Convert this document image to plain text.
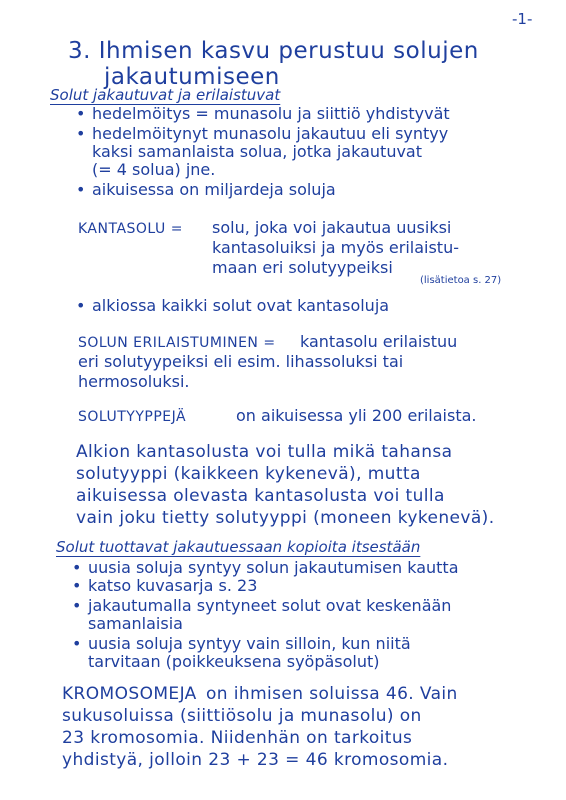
-1-
3. Ihmisen kasvu perustuu solujen
jakautumiseen
Solut jakautuvat ja erilaistuvat
• hedelmöitys = munasolu ja siittiö yhdistyvät
• hedelmöitynyt munasolu jakautuu eli syntyy
kaksi samanlaista solua, jotka jakautuvat
(= 4 solua) jne.
• aikuisessa on miljardeja soluja
KANTASOLU = solu, joka voi jakautua uusiksi
kantasoluiksi ja myös erilaistu-
maan eri solutyypeiksi
(lisätietoa s. 27)
• alkiossa kaikki solut ovat kantasoluja
SOLUN ERILAISTUMINEN = kantasolu erilaistuu
eri solutyypeiksi eli esim. lihassoluksi tai
hermosoluksi.
SOLUTYYPPEJÄ	on aikuisessa yli 200 erilaista.
Alkion kantasolusta voi tulla mikä tahansa
solutyyppi (kaikkeen kykenevä), mutta
aikuisessa olevasta kantasolusta voi tulla
vain joku tietty solutyyppi (moneen kykenevä).
Solut tuottavat jakautuessaan kopioita itsestään
• uusia soluja syntyy solun jakautumisen kautta
• katso kuvasarja s. 23
• jakautumalla syntyneet solut ovat keskenään
samanlaisia
• uusia soluja syntyy vain silloin, kun niitä
tarvitaan (poikkeuksena syöpäsolut)
KROMOSOMEJA on ihmisen soluissa 46. Vain
sukusoluissa (siittiösolu ja munasolu) on
23 kromosomia. Niidenhän on tarkoitus
yhdistyä, jolloin 23 + 23 = 46 kromosomia.
